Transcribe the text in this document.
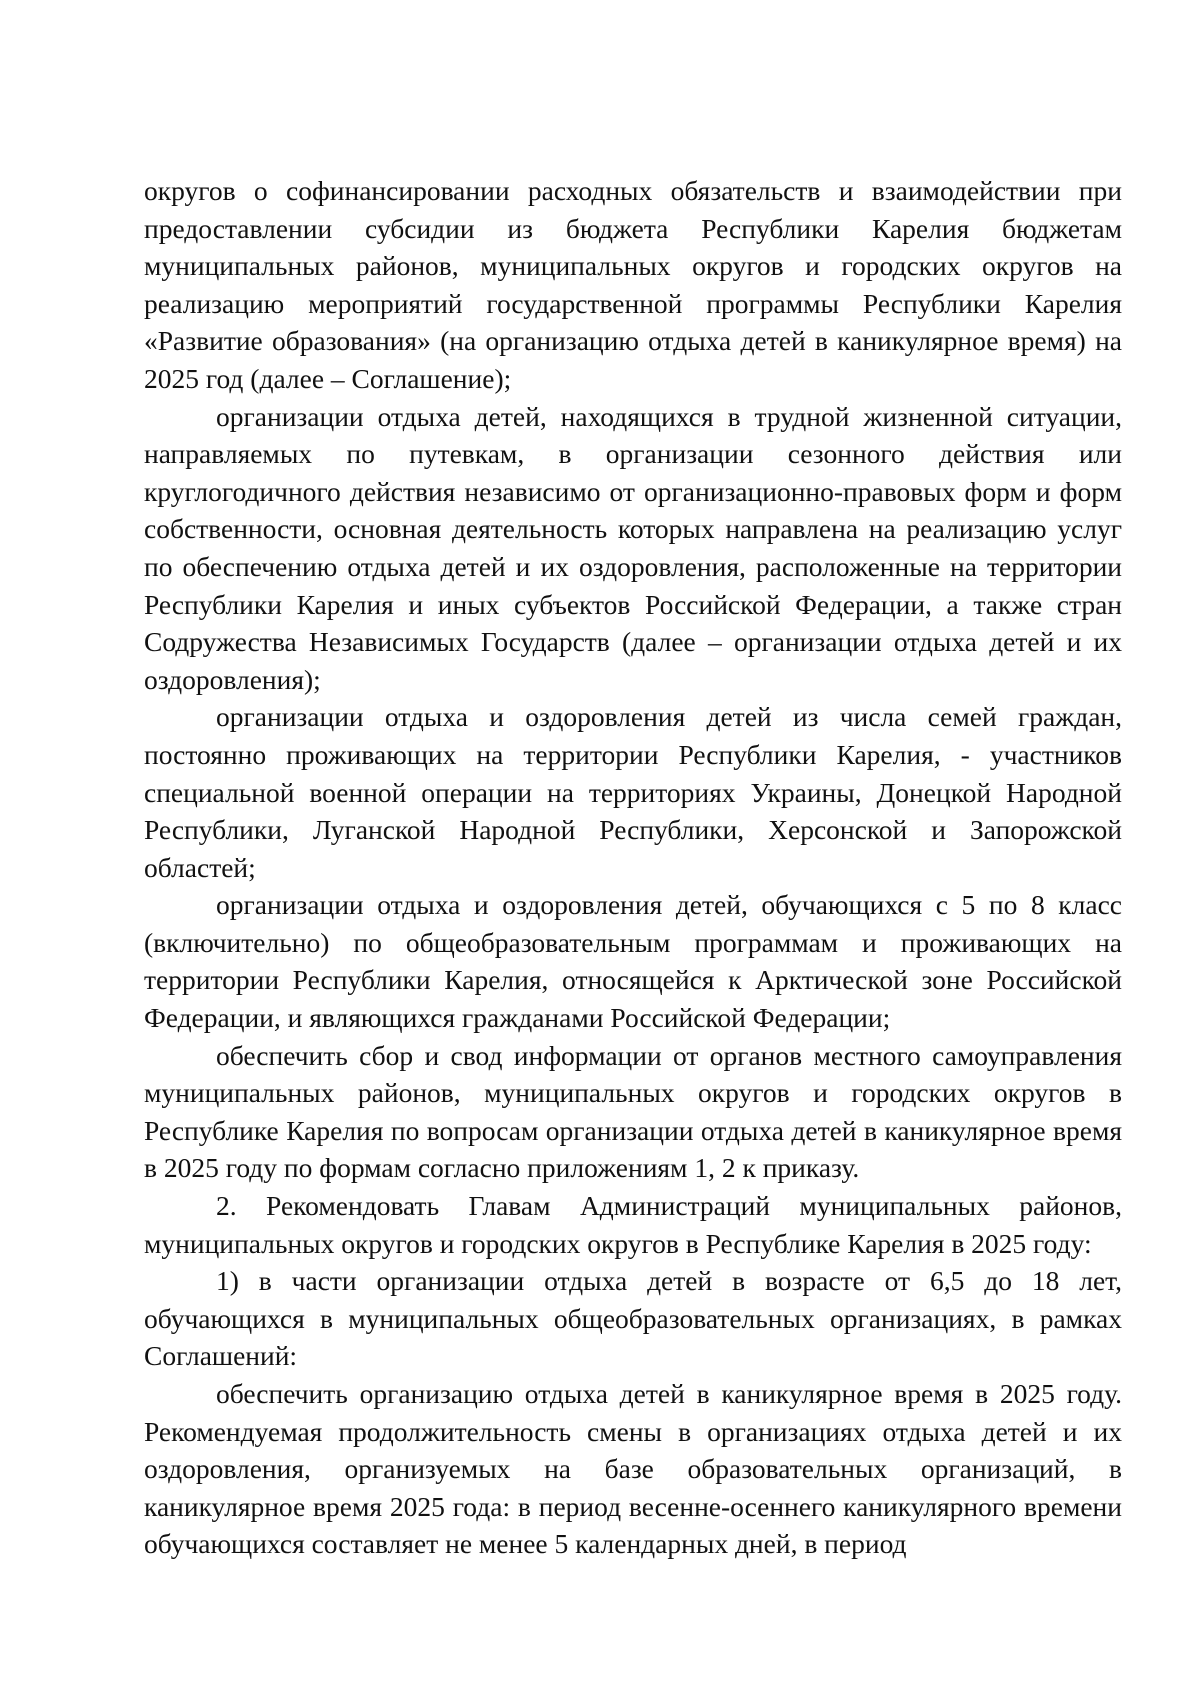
округов о софинансировании расходных обязательств и взаимодействии при предоставлении субсидии из бюджета Республики Карелия бюджетам муниципальных районов, муниципальных округов и городских округов на реализацию мероприятий государственной программы Республики Карелия «Развитие образования» (на организацию отдыха детей в каникулярное время) на 2025 год (далее – Соглашение);

организации отдыха детей, находящихся в трудной жизненной ситуации, направляемых по путевкам, в организации сезонного действия или круглогодичного действия независимо от организационно-правовых форм и форм собственности, основная деятельность которых направлена на реализацию услуг по обеспечению отдыха детей и их оздоровления, расположенные на территории Республики Карелия и иных субъектов Российской Федерации, а также стран Содружества Независимых Государств (далее – организации отдыха детей и их оздоровления);

организации отдыха и оздоровления детей из числа семей граждан, постоянно проживающих на территории Республики Карелия, - участников специальной военной операции на территориях Украины, Донецкой Народной Республики, Луганской Народной Республики, Херсонской и Запорожской областей;

организации отдыха и оздоровления детей, обучающихся с 5 по 8 класс (включительно) по общеобразовательным программам и проживающих на территории Республики Карелия, относящейся к Арктической зоне Российской Федерации, и являющихся гражданами Российской Федерации;

обеспечить сбор и свод информации от органов местного самоуправления муниципальных районов, муниципальных округов и городских округов в Республике Карелия по вопросам организации отдыха детей в каникулярное время в 2025 году по формам согласно приложениям 1, 2 к приказу.

2. Рекомендовать Главам Администраций муниципальных районов, муниципальных округов и городских округов в Республике Карелия в 2025 году:

1) в части организации отдыха детей в возрасте от 6,5 до 18 лет, обучающихся в муниципальных общеобразовательных организациях, в рамках Соглашений:

обеспечить организацию отдыха детей в каникулярное время в 2025 году. Рекомендуемая продолжительность смены в организациях отдыха детей и их оздоровления, организуемых на базе образовательных организаций, в каникулярное время 2025 года: в период весенне-осеннего каникулярного времени обучающихся составляет не менее 5 календарных дней, в период
